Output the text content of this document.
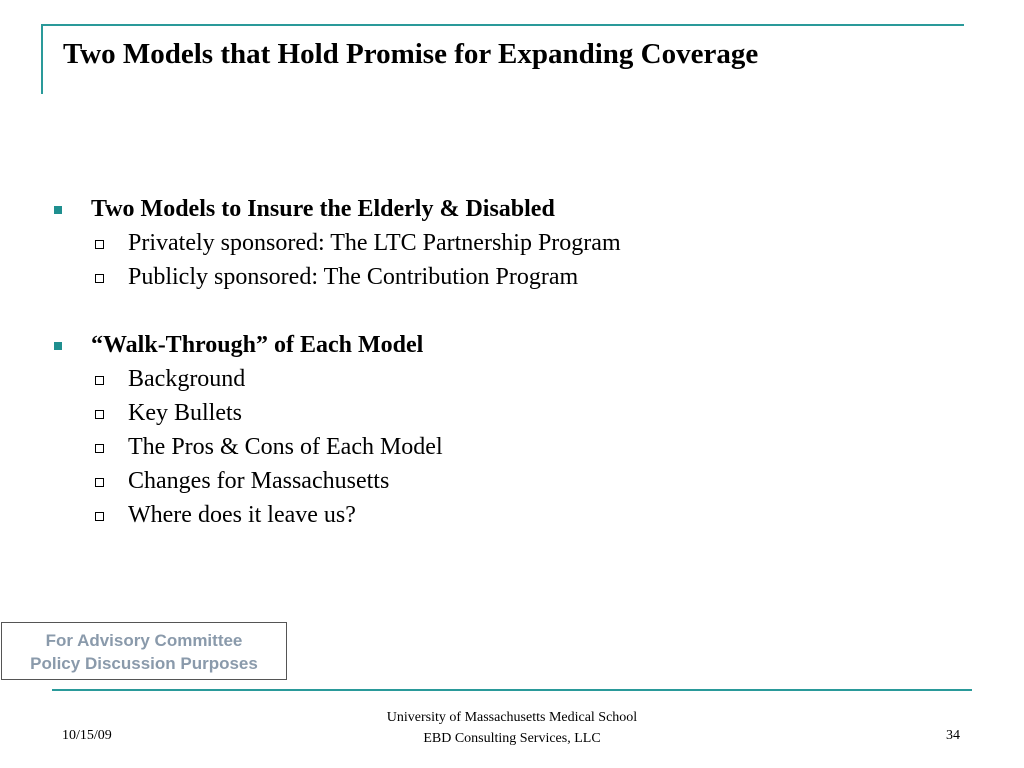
Two Models that Hold Promise for Expanding Coverage
Two Models to Insure the Elderly & Disabled
Privately sponsored: The LTC Partnership Program
Publicly sponsored: The Contribution Program
“Walk-Through” of Each Model
Background
Key Bullets
The Pros & Cons of Each Model
Changes for Massachusetts
Where does it leave us?
For Advisory Committee
Policy Discussion Purposes
10/15/09
University of Massachusetts Medical School
EBD Consulting Services, LLC	34
